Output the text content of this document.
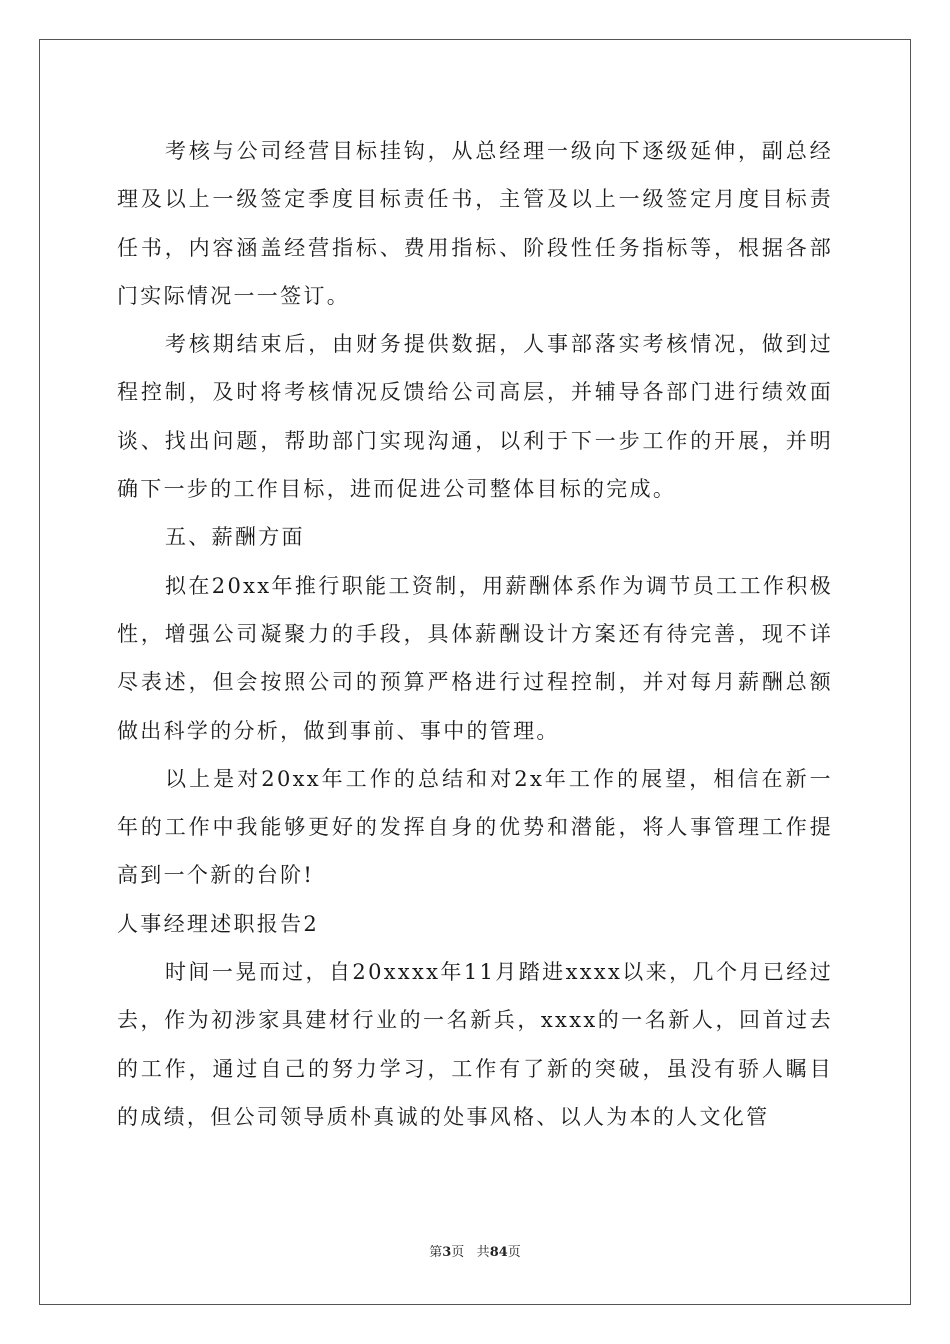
考核与公司经营目标挂钩，从总经理一级向下逐级延伸，副总经理及以上一级签定季度目标责任书，主管及以上一级签定月度目标责任书，内容涵盖经营指标、费用指标、阶段性任务指标等，根据各部门实际情况一一签订。

考核期结束后，由财务提供数据，人事部落实考核情况，做到过程控制，及时将考核情况反馈给公司高层，并辅导各部门进行绩效面谈、找出问题，帮助部门实现沟通，以利于下一步工作的开展，并明确下一步的工作目标，进而促进公司整体目标的完成。

五、薪酬方面

拟在20xx年推行职能工资制，用薪酬体系作为调节员工工作积极性，增强公司凝聚力的手段，具体薪酬设计方案还有待完善，现不详尽表述，但会按照公司的预算严格进行过程控制，并对每月薪酬总额做出科学的分析，做到事前、事中的管理。

以上是对20xx年工作的总结和对2x年工作的展望，相信在新一年的工作中我能够更好的发挥自身的优势和潜能，将人事管理工作提高到一个新的台阶!

人事经理述职报告2

时间一晃而过，自20xxxx年11月踏进xxxx以来，几个月已经过去，作为初涉家具建材行业的一名新兵，xxxx的一名新人，回首过去的工作，通过自己的努力学习，工作有了新的突破，虽没有骄人瞩目的成绩，但公司领导质朴真诚的处事风格、以人为本的人文化管

第3页 共84页
